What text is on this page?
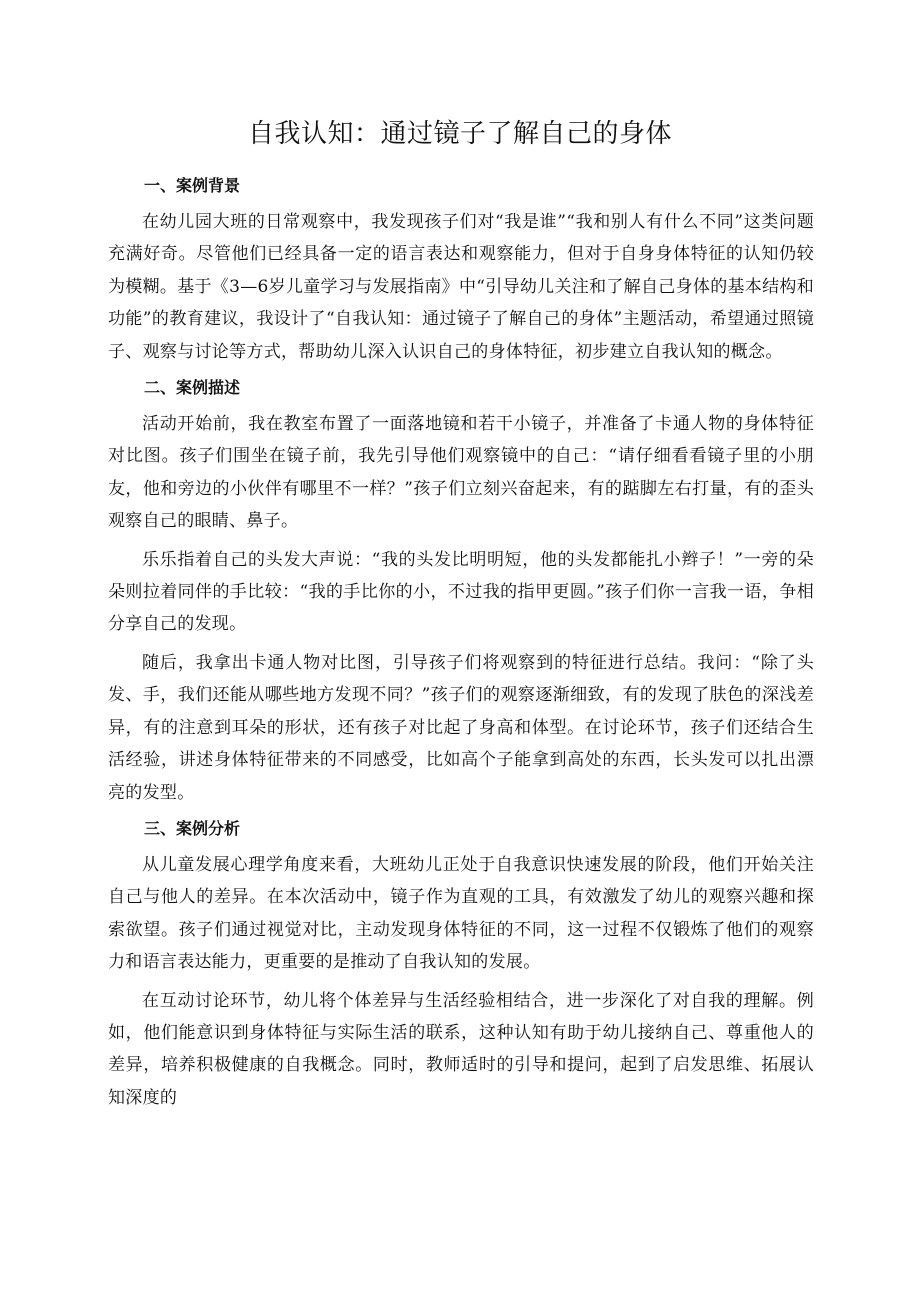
自我认知：通过镜子了解自己的身体
一、案例背景

在幼儿园大班的日常观察中，我发现孩子们对“我是谁”“我和别人有什么不同”这类问题充满好奇。尽管他们已经具备一定的语言表达和观察能力，但对于自身身体特征的认知仍较为模糊。基于《3—6岁儿童学习与发展指南》中“引导幼儿关注和了解自己身体的基本结构和功能”的教育建议，我设计了“自我认知：通过镜子了解自己的身体”主题活动，希望通过照镜子、观察与讨论等方式，帮助幼儿深入认识自己的身体特征，初步建立自我认知的概念。

二、案例描述

活动开始前，我在教室布置了一面落地镜和若干小镜子，并准备了卡通人物的身体特征对比图。孩子们围坐在镜子前，我先引导他们观察镜中的自己：“请仔细看看镜子里的小朋友，他和旁边的小伙伴有哪里不一样？”孩子们立刻兴奋起来，有的踮脚左右打量，有的歪头观察自己的眼睛、鼻子。

乐乐指着自己的头发大声说：“我的头发比明明短，他的头发都能扎小辫子！”一旁的朵朵则拉着同伴的手比较：“我的手比你的小，不过我的指甲更圆。”孩子们你一言我一语，争相分享自己的发现。

随后，我拿出卡通人物对比图，引导孩子们将观察到的特征进行总结。我问：“除了头发、手，我们还能从哪些地方发现不同？”孩子们的观察逐渐细致，有的发现了肤色的深浅差异，有的注意到耳朵的形状，还有孩子对比起了身高和体型。在讨论环节，孩子们还结合生活经验，讲述身体特征带来的不同感受，比如高个子能拿到高处的东西，长头发可以扎出漂亮的发型。

三、案例分析

从儿童发展心理学角度来看，大班幼儿正处于自我意识快速发展的阶段，他们开始关注自己与他人的差异。在本次活动中，镜子作为直观的工具，有效激发了幼儿的观察兴趣和探索欲望。孩子们通过视觉对比，主动发现身体特征的不同，这一过程不仅锻炼了他们的观察力和语言表达能力，更重要的是推动了自我认知的发展。

在互动讨论环节，幼儿将个体差异与生活经验相结合，进一步深化了对自我的理解。例如，他们能意识到身体特征与实际生活的联系，这种认知有助于幼儿接纳自己、尊重他人的差异，培养积极健康的自我概念。同时，教师适时的引导和提问，起到了启发思维、拓展认知深度的
